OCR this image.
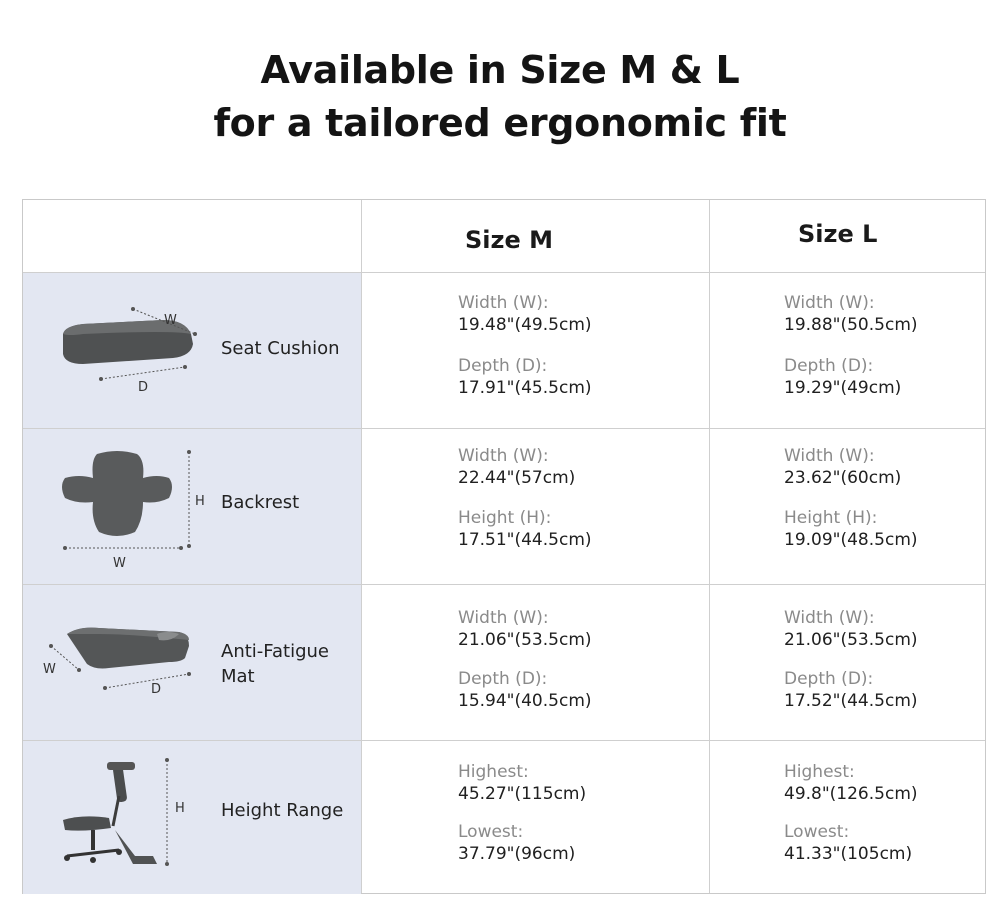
Available in Size M & L
for a tailored ergonomic fit
Size M	Size L
W
D
Seat Cushion
Width (W):
19.48"(49.5cm)
Depth (D):
17.91"(45.5cm)
Width (W):
19.88"(50.5cm)
Depth (D):
19.29"(49cm)
H
W
Backrest
Width (W):
22.44"(57cm)
Height (H):
17.51"(44.5cm)
Width (W):
23.62"(60cm)
Height (H):
19.09"(48.5cm)
W
D
Anti-Fatigue
Mat
Width (W):
21.06"(53.5cm)
Depth (D):
15.94"(40.5cm)
Width (W):
21.06"(53.5cm)
Depth (D):
17.52"(44.5cm)
H Height Range
Highest:
45.27"(115cm)
Lowest:
37.79"(96cm)
Highest:
49.8"(126.5cm)
Lowest:
41.33"(105cm)
